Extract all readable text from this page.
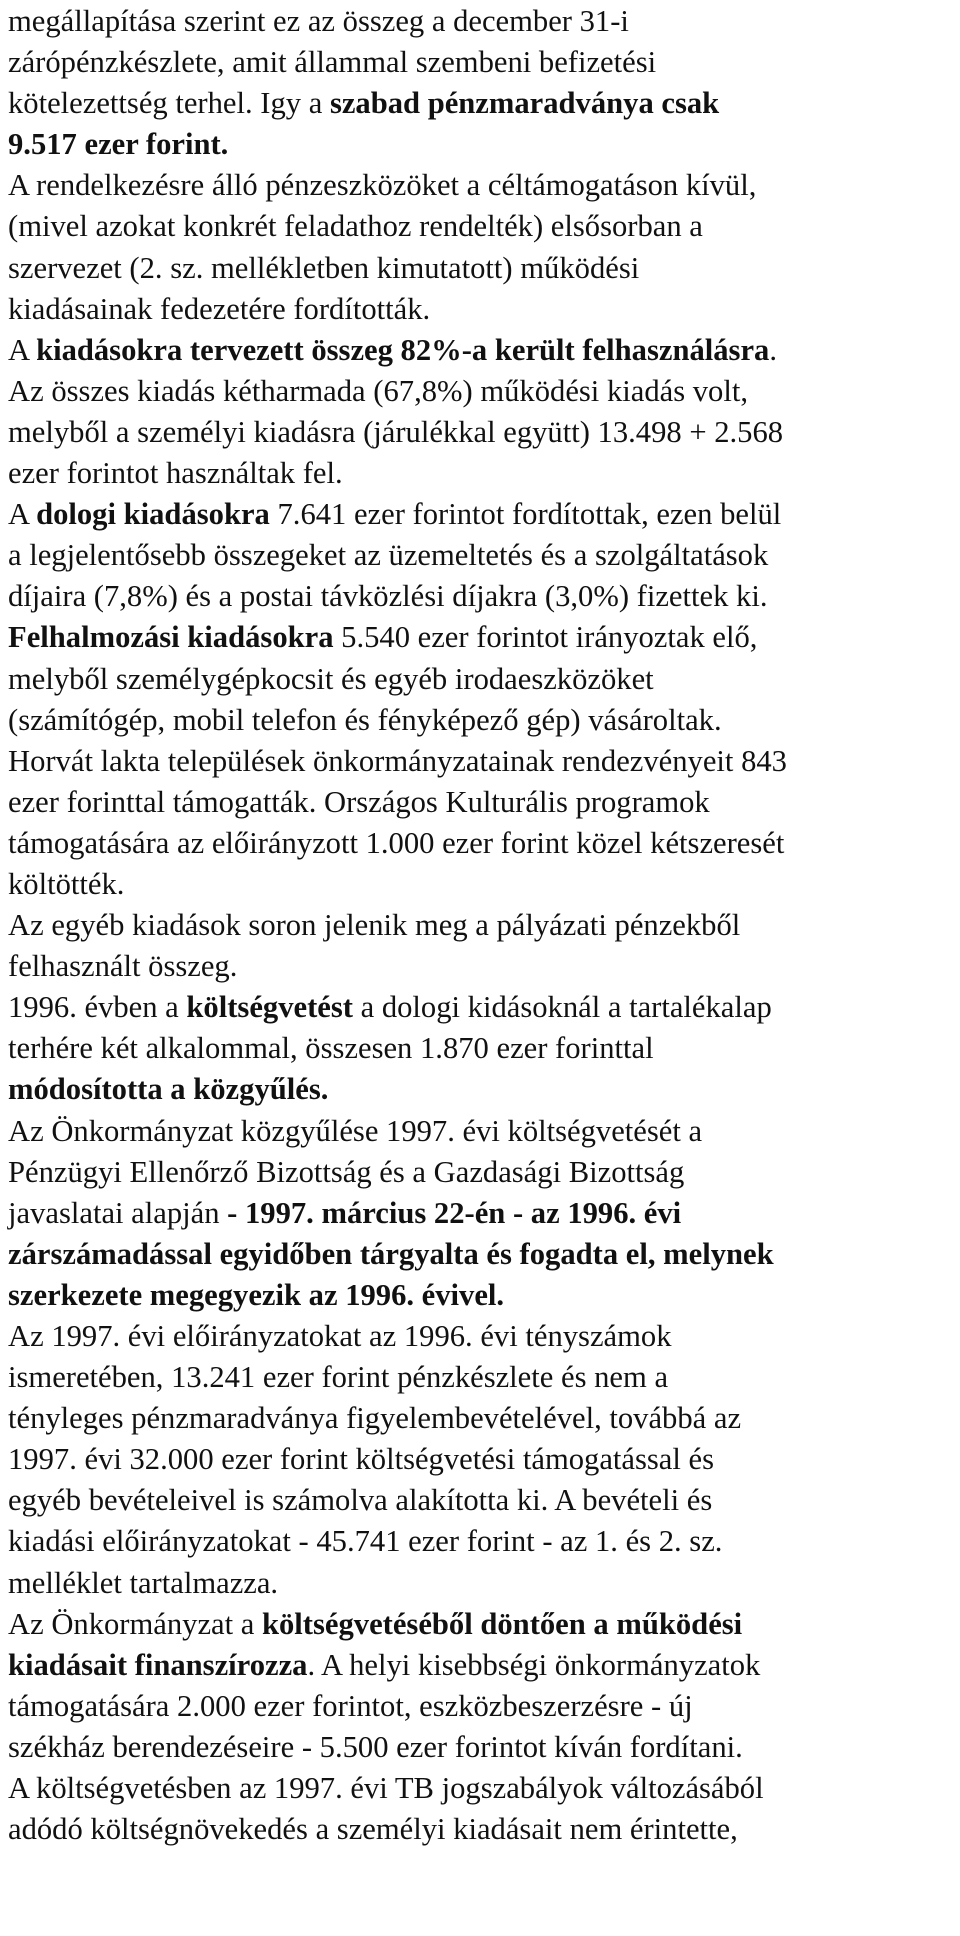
megállapítása szerint ez az összeg a december 31-i
zárópénzkészlete, amit állammal szembeni befizetési
kötelezettség terhel. Igy a szabad pénzmaradványa csak
9.517 ezer forint.
A rendelkezésre álló pénzeszközöket a céltámogatáson kívül,
(mivel azokat konkrét feladathoz rendelték) elsősorban a
szervezet (2. sz. mellékletben kimutatott) működési
kiadásainak fedezetére fordították.
A kiadásokra tervezett összeg 82%-a került felhasználásra.
Az összes kiadás kétharmada (67,8%) működési kiadás volt,
melyből a személyi kiadásra (járulékkal együtt) 13.498 + 2.568
ezer forintot használtak fel.
A dologi kiadásokra 7.641 ezer forintot fordítottak, ezen belül
a legjelentősebb összegeket az üzemeltetés és a szolgáltatások
díjaira (7,8%) és a postai távközlési díjakra (3,0%) fizettek ki.
Felhalmozási kiadásokra 5.540 ezer forintot irányoztak elő,
melyből személygépkocsit és egyéb irodaeszközöket
(számítógép, mobil telefon és fényképező gép) vásároltak.
Horvát lakta települések önkormányzatainak rendezvényeit 843
ezer forinttal támogatták. Országos Kulturális programok
támogatására az előirányzott 1.000 ezer forint közel kétszeresét
költötték.
Az egyéb kiadások soron jelenik meg a pályázati pénzekből
felhasznált összeg.
1996. évben a költségvetést a dologi kidásoknál a tartalékalap
terhére két alkalommal, összesen 1.870 ezer forinttal
módosította a közgyűlés.
Az Önkormányzat közgyűlése 1997. évi költségvetését a
Pénzügyi Ellenőrző Bizottság és a Gazdasági Bizottság
javaslatai alapján - 1997. március 22-én - az 1996. évi
zárszámadással egyidőben tárgyalta és fogadta el, melynek
szerkezete megegyezik az 1996. évivel.
Az 1997. évi előirányzatokat az 1996. évi tényszámok
ismeretében, 13.241 ezer forint pénzkészlete és nem a
tényleges pénzmaradványa figyelembevételével, továbbá az
1997. évi 32.000 ezer forint költségvetési támogatással és
egyéb bevételeivel is számolva alakította ki. A bevételi és
kiadási előirányzatokat - 45.741 ezer forint - az 1. és 2. sz.
melléklet tartalmazza.
Az Önkormányzat a költségvetéséből döntően a működési
kiadásait finanszírozza. A helyi kisebbségi önkormányzatok
támogatására 2.000 ezer forintot, eszközbeszerzésre - új
székház berendezéseire - 5.500 ezer forintot kíván fordítani.
A költségvetésben az 1997. évi TB jogszabályok változásából
adódó költségnövekedés a személyi kiadásait nem érintette,
